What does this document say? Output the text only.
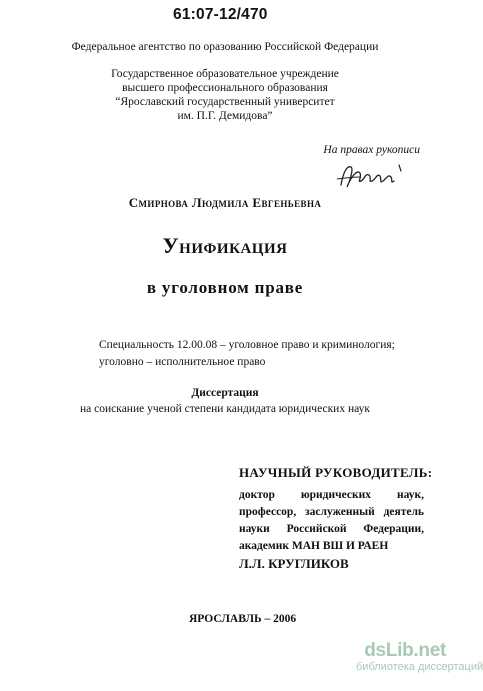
61:07-12/470
Федеральное агентство по оразованию Российской Федерации
Государственное образовательное учреждение
высшего профессионального образования
“Ярославский государственный университет
им. П.Г. Демидова”
На правах рукописи
Смирнова Людмила Евгеньевна
Унификация
в уголовном праве
Специальность 12.00.08 – уголовное право и криминология;
уголовно – исполнительное право
Диссертация
на соискание ученой степени кандидата юридических наук
НАУЧНЫЙ РУКОВОДИТЕЛЬ:
доктор юридических наук,
профессор, заслуженный деятель
науки Российской Федерации,
академик МАН ВШ И РАЕН
Л.Л. КРУГЛИКОВ
ЯРОСЛАВЛЬ – 2006
dsLib.net
библиотека диссертаций
